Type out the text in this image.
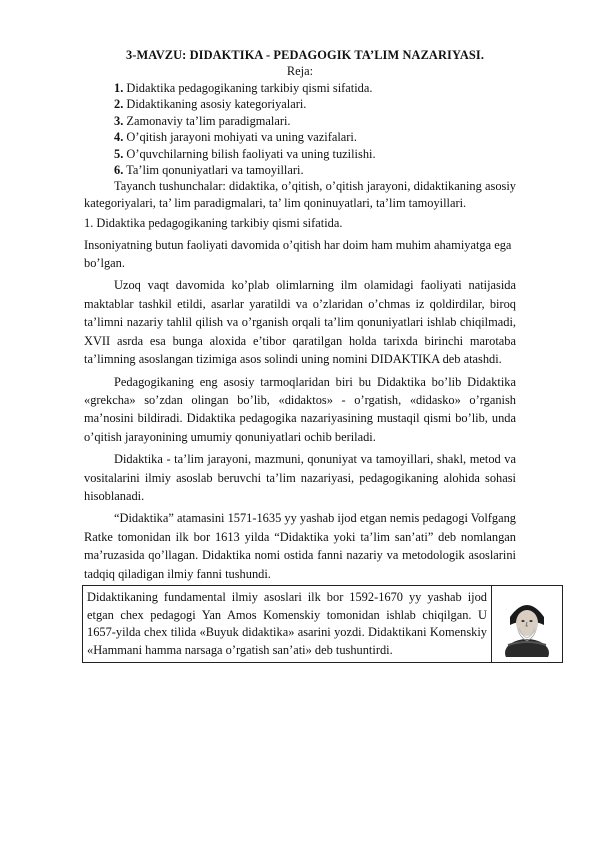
3-MAVZU: DIDAKTIKA - PEDAGOGIK TA’LIM NAZARIYASI.
Reja:
1. Didaktika pedagogikaning tarkibiy qismi sifatida.
2. Didaktikaning asosiy kategoriyalari.
3. Zamonaviy ta’lim paradigmalari.
4. O’qitish jarayoni mohiyati va uning vazifalari.
5. O’quvchilarning bilish faoliyati va uning tuzilishi.
6. Ta’lim qonuniyatlari va tamoyillari.

Tayanch tushunchalar: didaktika, o’qitish, o’qitish jarayoni, didaktikaning asosiy kategoriyalari, ta’ lim paradigmalari, ta’ lim qoninuyatlari, ta’lim tamoyillari.

1. Didaktika pedagogikaning tarkibiy qismi sifatida.

Insoniyatning butun faoliyati davomida o’qitish har doim ham muhim ahamiyatga ega bo’lgan.

Uzoq vaqt davomida ko’plab olimlarning ilm olamidagi faoliyati natijasida maktablar tashkil etildi, asarlar yaratildi va o’zlaridan o’chmas iz qoldirdilar, biroq ta’limni nazariy tahlil qilish va o’rganish orqali ta’lim qonuniyatlari ishlab chiqilmadi, XVII asrda esa bunga aloxida e’tibor qaratilgan holda tarixda birinchi marotaba ta’limning asoslangan tizimiga asos solindi uning nomini DIDAKTIKA deb atashdi.

Pedagogikaning eng asosiy tarmoqlaridan biri bu Didaktika bo’lib Didaktika «grekcha» so’zdan olingan bo’lib, «didaktos» - o’rgatish, «didasko» o’rganish ma’nosini bildiradi. Didaktika pedagogika nazariyasining mustaqil qismi bo’lib, unda o’qitish jarayonining umumiy qonuniyatlari ochib beriladi.

Didaktika - ta’lim jarayoni, mazmuni, qonuniyat va tamoyillari, shakl, metod va vositalarini ilmiy asoslab beruvchi ta’lim nazariyasi, pedagogikaning alohida sohasi hisoblanadi.

“Didaktika” atamasini 1571-1635 yy yashab ijod etgan nemis pedagogi Volfgang Ratke tomonidan ilk bor 1613 yilda “Didaktika yoki ta’lim san’ati” deb nomlangan ma’ruzasida qo’llagan. Didaktika nomi ostida fanni nazariy va metodologik asoslarini tadqiq qiladigan ilmiy fanni tushundi.

Didaktikaning fundamental ilmiy asoslari ilk bor 1592-1670 yy yashab ijod etgan chex pedagogi Yan Amos Komenskiy tomonidan ishlab chiqilgan. U 1657-yilda chex tilida «Buyuk didaktika» asarini yozdi. Didaktikani Komenskiy «Hammani hamma narsaga o’rgatish san’ati» deb tushuntirdi.	
